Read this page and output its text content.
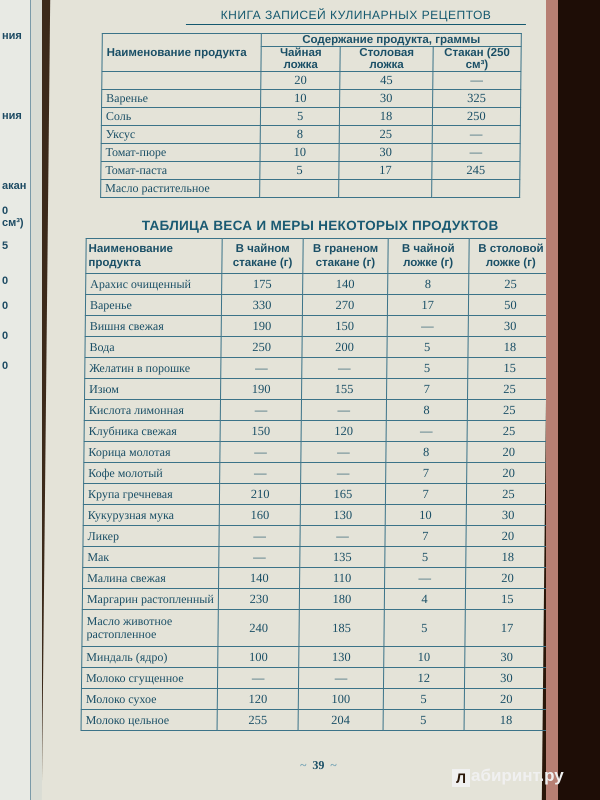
ния
ния
акан
0 см³)
5
0
0
0
0
КНИГА ЗАПИСЕЙ КУЛИНАРНЫХ РЕЦЕПТОВ
Наименование продукта	Содержание продукта, граммы		
	Чайная ложка	Столовая ложка	Стакан (250 см³)
	20	45	—
Варенье	10	30	325
Соль	5	18	250
Уксус	8	25	—
Томат-пюре	10	30	—
Томат-паста	5	17	245
Масло растительное			
ТАБЛИЦА ВЕСА И МЕРЫ НЕКОТОРЫХ ПРОДУКТОВ
Наименование продукта	В чайном стакане (г)	В граненом стакане (г)	В чайной ложке (г)	В столовой ложке (г)
Арахис очищенный	175	140	8	25
Варенье	330	270	17	50
Вишня свежая	190	150	—	30
Вода	250	200	5	18
Желатин в порошке	—	—	5	15
Изюм	190	155	7	25
Кислота лимонная	—	—	8	25
Клубника свежая	150	120	—	25
Корица молотая	—	—	8	20
Кофе молотый	—	—	7	20
Крупа гречневая	210	165	7	25
Кукурузная мука	160	130	10	30
Ликер	—	—	7	20
Мак	—	135	5	18
Малина свежая	140	110	—	20
Маргарин растопленный	230	180	4	15
Масло животное растопленное	240	185	5	17
Миндаль (ядро)	100	130	10	30
Молоко сгущенное	—	—	12	30
Молоко сухое	120	100	5	20
Молоко цельное	255	204	5	18
~ 39 ~
Л абиринт.ру
